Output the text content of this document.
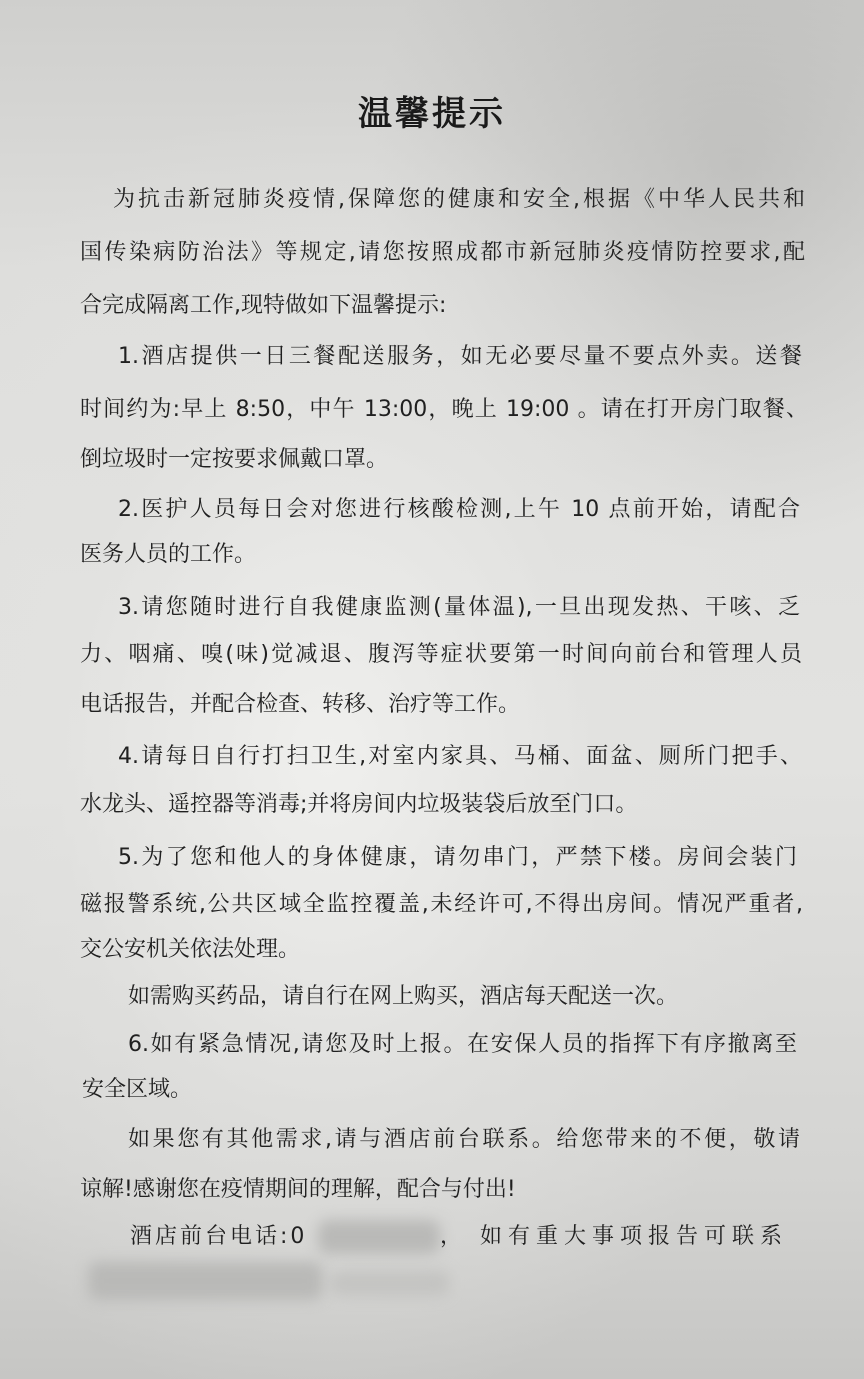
温馨提示
为抗击新冠肺炎疫情,保障您的健康和安全,根据《中华人民共和
国传染病防治法》等规定,请您按照成都市新冠肺炎疫情防控要求,配
合完成隔离工作,现特做如下温馨提示:
1.酒店提供一日三餐配送服务，如无必要尽量不要点外卖。送餐
时间约为:早上 8:50，中午 13:00，晚上 19:00 。请在打开房门取餐、
倒垃圾时一定按要求佩戴口罩。
2.医护人员每日会对您进行核酸检测,上午 10 点前开始，请配合
医务人员的工作。
3.请您随时进行自我健康监测(量体温),一旦出现发热、干咳、乏
力、咽痛、嗅(味)觉减退、腹泻等症状要第一时间向前台和管理人员
电话报告，并配合检查、转移、治疗等工作。
4.请每日自行打扫卫生,对室内家具、马桶、面盆、厕所门把手、
水龙头、遥控器等消毒;并将房间内垃圾装袋后放至门口。
5.为了您和他人的身体健康，请勿串门，严禁下楼。房间会装门
磁报警系统,公共区域全监控覆盖,未经许可,不得出房间。情况严重者,
交公安机关依法处理。
如需购买药品，请自行在网上购买，酒店每天配送一次。
6.如有紧急情况,请您及时上报。在安保人员的指挥下有序撤离至
安全区域。
如果您有其他需求,请与酒店前台联系。给您带来的不便，敬请
谅解!感谢您在疫情期间的理解，配合与付出!
酒店前台电话:0	， 如有重大事项报告可联系
